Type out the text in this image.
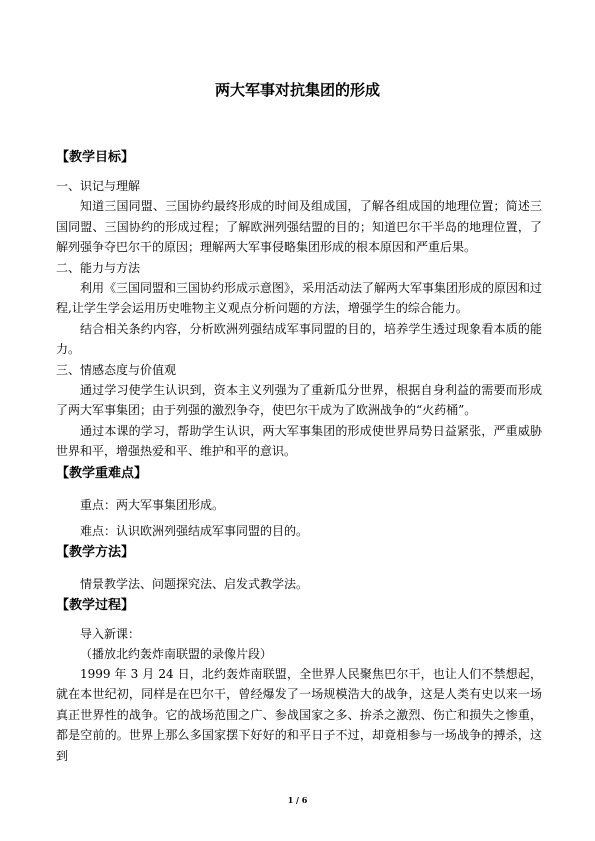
两大军事对抗集团的形成
【教学目标】

一、识记与理解

知道三国同盟、三国协约最终形成的时间及组成国，了解各组成国的地理位置；简述三国同盟、三国协约的形成过程；了解欧洲列强结盟的目的；知道巴尔干半岛的地理位置，了解列强争夺巴尔干的原因；理解两大军事侵略集团形成的根本原因和严重后果。

二、能力与方法

利用《三国同盟和三国协约形成示意图》，采用活动法了解两大军事集团形成的原因和过程,让学生学会运用历史唯物主义观点分析问题的方法，增强学生的综合能力。

结合相关条约内容，分析欧洲列强结成军事同盟的目的，培养学生透过现象看本质的能力。

三、情感态度与价值观

通过学习使学生认识到，资本主义列强为了重新瓜分世界，根据自身利益的需要而形成了两大军事集团；由于列强的激烈争夺，使巴尔干成为了欧洲战争的“火药桶”。

通过本课的学习，帮助学生认识，两大军事集团的形成使世界局势日益紧张，严重威胁世界和平，增强热爱和平、维护和平的意识。

【教学重难点】

重点：两大军事集团形成。

难点：认识欧洲列强结成军事同盟的目的。

【教学方法】

情景教学法、问题探究法、启发式教学法。

【教学过程】

导入新课：

（播放北约轰炸南联盟的录像片段）

1999 年 3 月 24 日，北约轰炸南联盟，全世界人民聚焦巴尔干，也让人们不禁想起，就在本世纪初，同样是在巴尔干，曾经爆发了一场规模浩大的战争，这是人类有史以来一场真正世界性的战争。它的战场范围之广、参战国家之多、拚杀之激烈、伤亡和损失之惨重，都是空前的。世界上那么多国家摆下好好的和平日子不过，却竟相参与一场战争的搏杀，这到

1 / 6
